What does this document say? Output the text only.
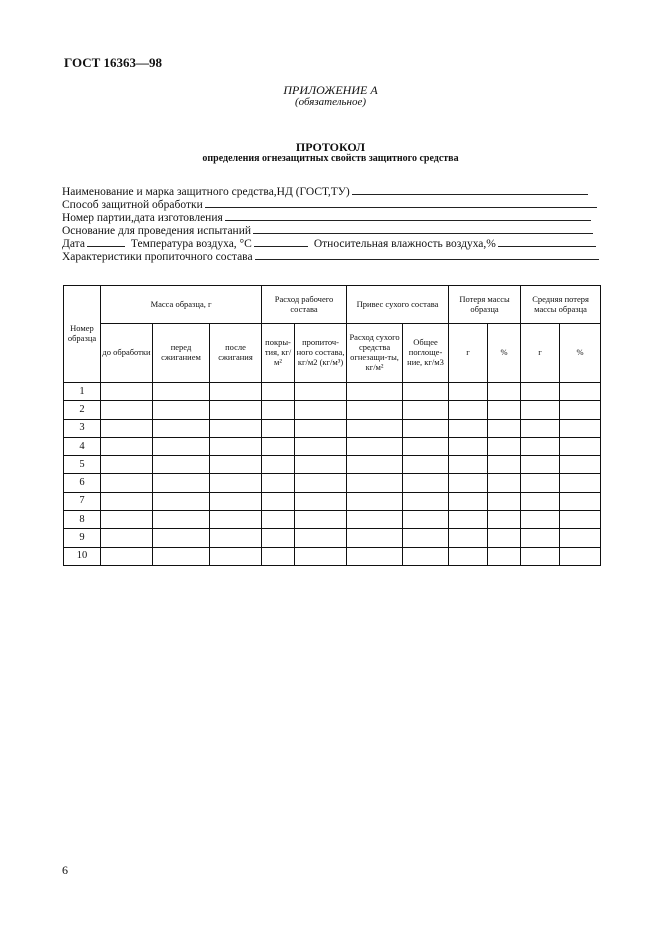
ГОСТ 16363—98
ПРИЛОЖЕНИЕ А
(обязательное)
ПРОТОКОЛ
определения огнезащитных свойств защитного средства
Наименование и марка защитного средства,НД (ГОСТ,ТУ)
Способ защитной обработки
Номер партии,дата изготовления
Основание для проведения испытаний
Дата	Температура воздуха, °С	Относительная влажность воздуха,%
Характеристики пропиточного состава
Номер образца	Масса образца, г			Расход рабочего состава		Привес сухого состава		Потеря массы образца		Средняя потеря массы образца	
	до обработки	перед сжиганием	после сжигания	покры-тия, кг/м²	пропиточ-ного состава, кг/м2 (кг/м³)	Расход сухого средства огнезащи-ты, кг/м²	Общее поглоще-ние, кг/м3	г	%	г	%
1											
2											
3											
4											
5											
6											
7											
8											
9											
10											
6
